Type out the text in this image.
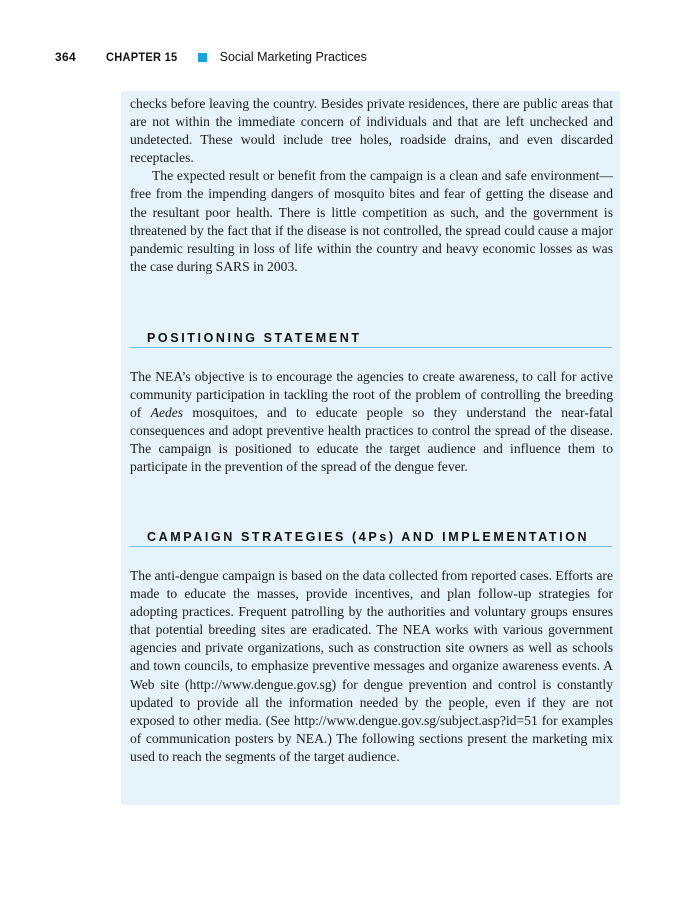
364	CHAPTER 15	Social Marketing Practices

checks before leaving the country. Besides private residences, there are public areas that are not within the immediate concern of individuals and that are left unchecked and undetected. These would include tree holes, roadside drains, and even discarded receptacles.

The expected result or benefit from the campaign is a clean and safe environment—free from the impending dangers of mosquito bites and fear of getting the disease and the resultant poor health. There is little competition as such, and the government is threatened by the fact that if the disease is not controlled, the spread could cause a major pandemic resulting in loss of life within the country and heavy economic losses as was the case during SARS in 2003.

POSITIONING STATEMENT

The NEA’s objective is to encourage the agencies to create awareness, to call for active community participation in tackling the root of the problem of controlling the breeding of Aedes mosquitoes, and to educate people so they understand the near-fatal consequences and adopt preventive health practices to control the spread of the disease. The campaign is positioned to educate the target audience and influence them to participate in the prevention of the spread of the dengue fever.

CAMPAIGN STRATEGIES (4Ps) AND IMPLEMENTATION

The anti-dengue campaign is based on the data collected from reported cases. Efforts are made to educate the masses, provide incentives, and plan follow-up strategies for adopting practices. Frequent patrolling by the authorities and voluntary groups ensures that potential breeding sites are eradicated. The NEA works with various government agencies and private organizations, such as construction site owners as well as schools and town councils, to emphasize preventive messages and organize awareness events. A Web site (http://www.dengue.gov.sg) for dengue prevention and control is constantly updated to provide all the information needed by the people, even if they are not exposed to other media. (See http://www.dengue.gov.sg/subject.asp?id=51 for examples of communication posters by NEA.) The following sections present the marketing mix used to reach the segments of the target audience.
